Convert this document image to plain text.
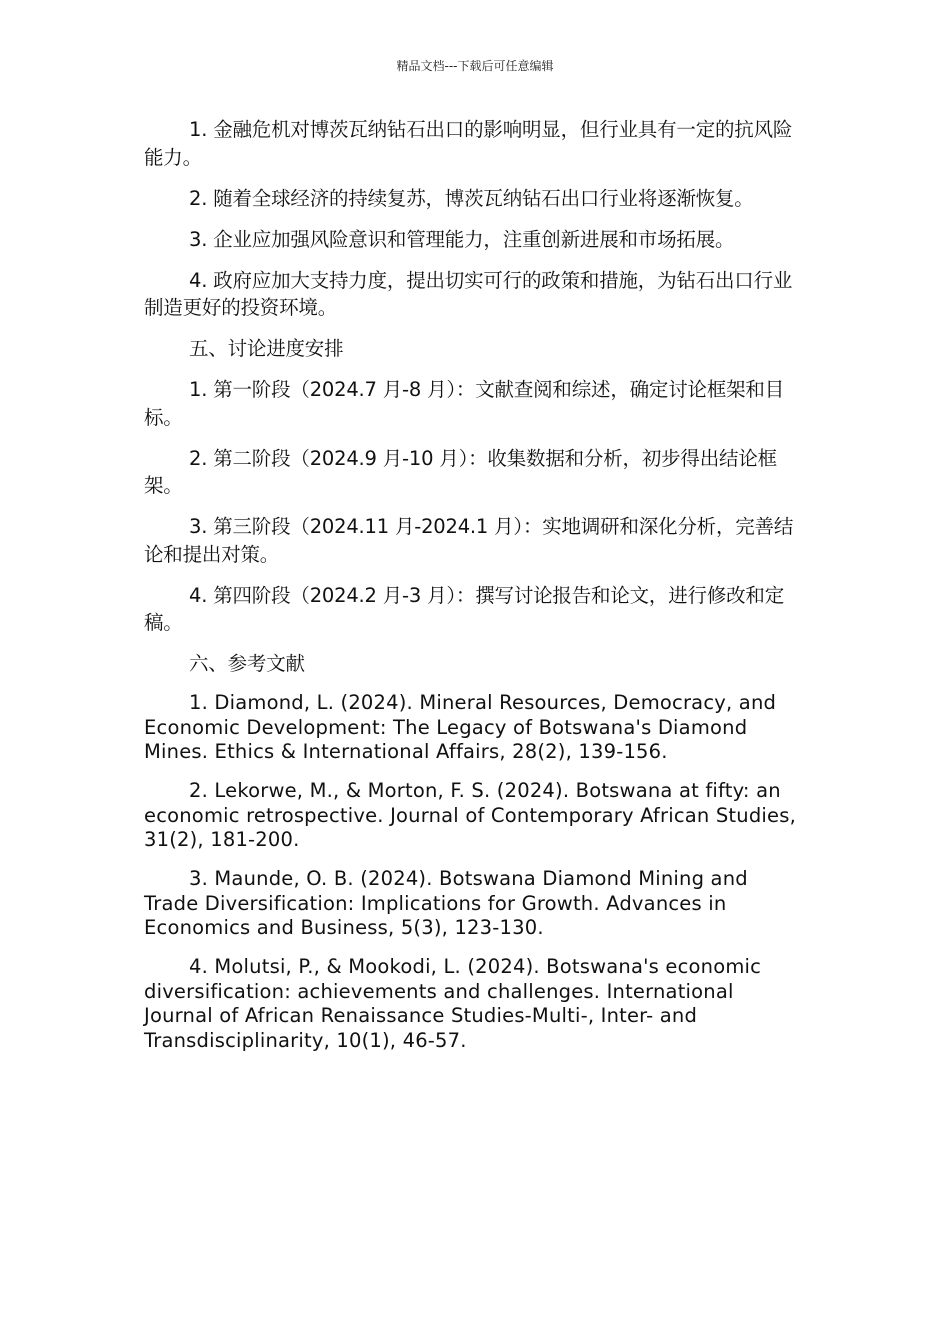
精品文档---下载后可任意编辑

1. 金融危机对博茨瓦纳钻石出口的影响明显，但行业具有一定的抗风险能力。

2. 随着全球经济的持续复苏，博茨瓦纳钻石出口行业将逐渐恢复。

3. 企业应加强风险意识和管理能力，注重创新进展和市场拓展。

4. 政府应加大支持力度，提出切实可行的政策和措施，为钻石出口行业制造更好的投资环境。

五、讨论进度安排

1. 第一阶段（2024.7 月-8 月）：文献查阅和综述，确定讨论框架和目标。

2. 第二阶段（2024.9 月-10 月）：收集数据和分析，初步得出结论框架。

3. 第三阶段（2024.11 月-2024.1 月）：实地调研和深化分析，完善结论和提出对策。

4. 第四阶段（2024.2 月-3 月）：撰写讨论报告和论文，进行修改和定稿。

六、参考文献

1. Diamond, L. (2024). Mineral Resources, Democracy, and Economic Development: The Legacy of Botswana's Diamond Mines. Ethics & International Affairs, 28(2), 139-156.

2. Lekorwe, M., & Morton, F. S. (2024). Botswana at fifty: an economic retrospective. Journal of Contemporary African Studies, 31(2), 181-200.

3. Maunde, O. B. (2024). Botswana Diamond Mining and Trade Diversification: Implications for Growth. Advances in Economics and Business, 5(3), 123-130.

4. Molutsi, P., & Mookodi, L. (2024). Botswana's economic diversification: achievements and challenges. International Journal of African Renaissance Studies-Multi-, Inter- and Transdisciplinarity, 10(1), 46-57.
